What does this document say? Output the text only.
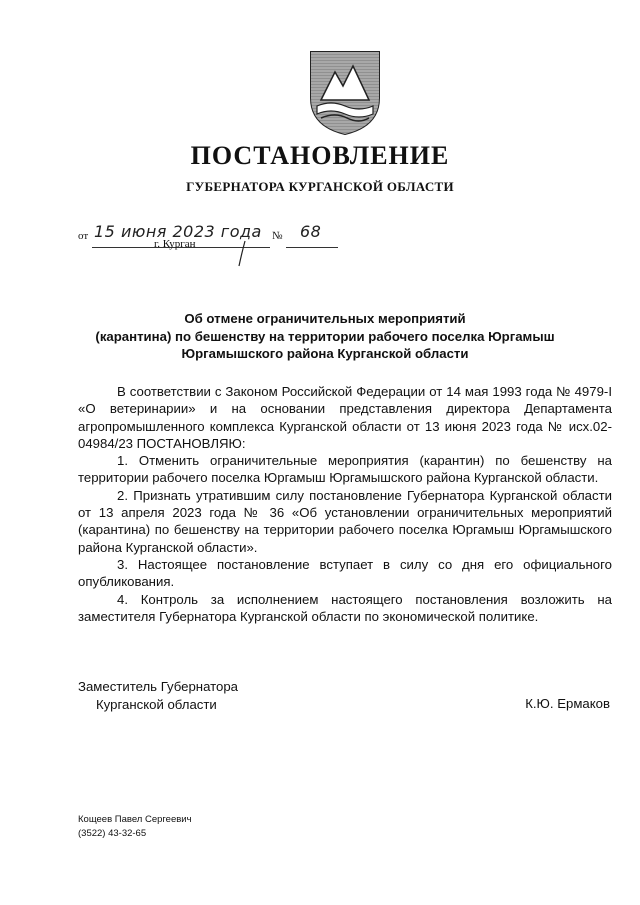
ПОСТАНОВЛЕНИЕ
ГУБЕРНАТОРА КУРГАНСКОЙ ОБЛАСТИ
от 15 июня 2023 года № 68
г. Курган
Об отмене ограничительных мероприятий
(карантина) по бешенству на территории рабочего поселка Юргамыш
Юргамышского района Курганской области

В соответствии с Законом Российской Федерации от 14 мая 1993 года № 4979-I «О ветеринарии» и на основании представления директора Департамента агропромышленного комплекса Курганской области от 13 июня 2023 года № исх.02-04984/23 ПОСТАНОВЛЯЮ:

1. Отменить ограничительные мероприятия (карантин) по бешенству на территории рабочего поселка Юргамыш Юргамышского района Курганской области.

2. Признать утратившим силу постановление Губернатора Курганской области от 13 апреля 2023 года № 36 «Об установлении ограничительных мероприятий (карантина) по бешенству на территории рабочего поселка Юргамыш Юргамышского района Курганской области».

3. Настоящее постановление вступает в силу со дня его официального опубликования.

4. Контроль за исполнением настоящего постановления возложить на заместителя Губернатора Курганской области по экономической политике.

Заместитель Губернатора
Курганской области	К.Ю. Ермаков
Кощеев Павел Сергеевич
(3522) 43-32-65
